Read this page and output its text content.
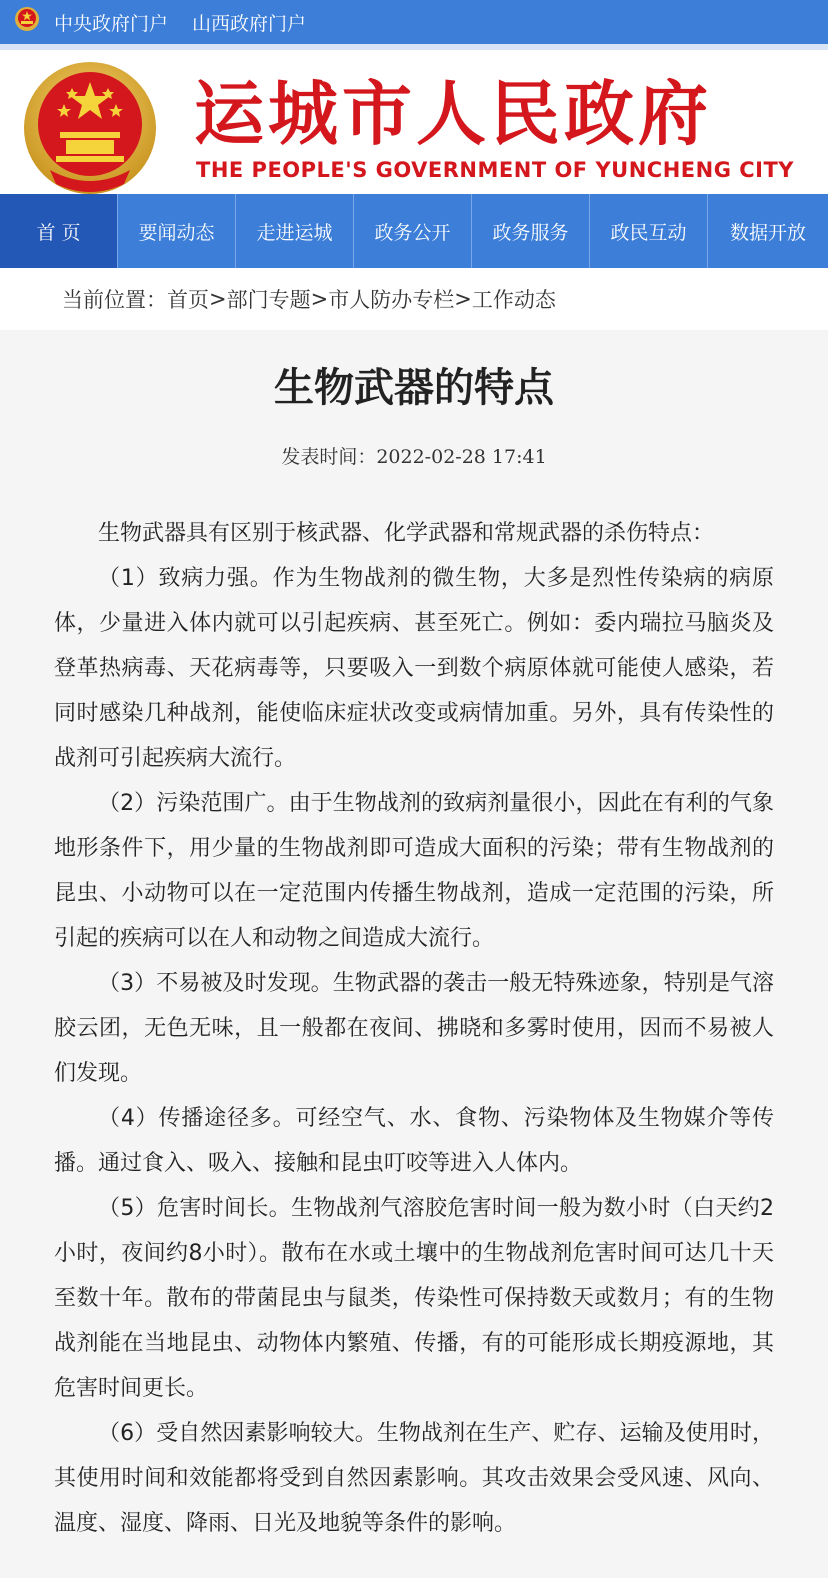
中央政府门户 山西政府门户
运城市人民政府
THE PEOPLE'S GOVERNMENT OF YUNCHENG CITY
首 页	要闻动态	走进运城	政务公开	政务服务	政民互动	数据开放
当前位置： 首页 > 部门专题 > 市人防办专栏 > 工作动态
生物武器的特点
发表时间：2022-02-28 17:41

生物武器具有区别于核武器、化学武器和常规武器的杀伤特点：

（1）致病力强。作为生物战剂的微生物，大多是烈性传染病的病原体，少量进入体内就可以引起疾病、甚至死亡。例如：委内瑞拉马脑炎及登革热病毒、天花病毒等，只要吸入一到数个病原体就可能使人感染，若同时感染几种战剂，能使临床症状改变或病情加重。另外，具有传染性的战剂可引起疾病大流行。

（2）污染范围广。由于生物战剂的致病剂量很小，因此在有利的气象地形条件下，用少量的生物战剂即可造成大面积的污染；带有生物战剂的昆虫、小动物可以在一定范围内传播生物战剂，造成一定范围的污染，所引起的疾病可以在人和动物之间造成大流行。

（3）不易被及时发现。生物武器的袭击一般无特殊迹象，特别是气溶胶云团，无色无味，且一般都在夜间、拂晓和多雾时使用，因而不易被人们发现。

（4）传播途径多。可经空气、水、食物、污染物体及生物媒介等传播。通过食入、吸入、接触和昆虫叮咬等进入人体内。

（5）危害时间长。生物战剂气溶胶危害时间一般为数小时（白天约2小时，夜间约8小时）。散布在水或土壤中的生物战剂危害时间可达几十天至数十年。散布的带菌昆虫与鼠类，传染性可保持数天或数月；有的生物战剂能在当地昆虫、动物体内繁殖、传播，有的可能形成长期疫源地，其危害时间更长。

（6）受自然因素影响较大。生物战剂在生产、贮存、运输及使用时，其使用时间和效能都将受到自然因素影响。其攻击效果会受风速、风向、温度、湿度、降雨、日光及地貌等条件的影响。
